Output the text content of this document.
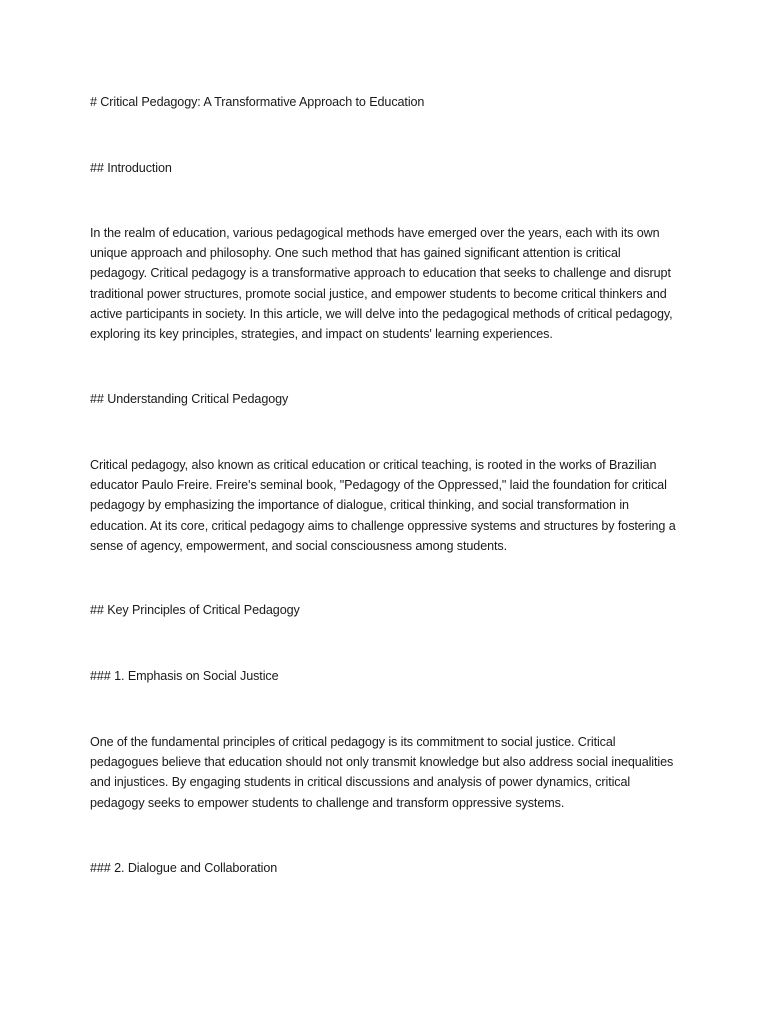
# Critical Pedagogy: A Transformative Approach to Education

## Introduction

In the realm of education, various pedagogical methods have emerged over the years, each with its own unique approach and philosophy. One such method that has gained significant attention is critical pedagogy. Critical pedagogy is a transformative approach to education that seeks to challenge and disrupt traditional power structures, promote social justice, and empower students to become critical thinkers and active participants in society. In this article, we will delve into the pedagogical methods of critical pedagogy, exploring its key principles, strategies, and impact on students' learning experiences.

## Understanding Critical Pedagogy

Critical pedagogy, also known as critical education or critical teaching, is rooted in the works of Brazilian educator Paulo Freire. Freire's seminal book, "Pedagogy of the Oppressed," laid the foundation for critical pedagogy by emphasizing the importance of dialogue, critical thinking, and social transformation in education. At its core, critical pedagogy aims to challenge oppressive systems and structures by fostering a sense of agency, empowerment, and social consciousness among students.

## Key Principles of Critical Pedagogy

### 1. Emphasis on Social Justice

One of the fundamental principles of critical pedagogy is its commitment to social justice. Critical pedagogues believe that education should not only transmit knowledge but also address social inequalities and injustices. By engaging students in critical discussions and analysis of power dynamics, critical pedagogy seeks to empower students to challenge and transform oppressive systems.

### 2. Dialogue and Collaboration
